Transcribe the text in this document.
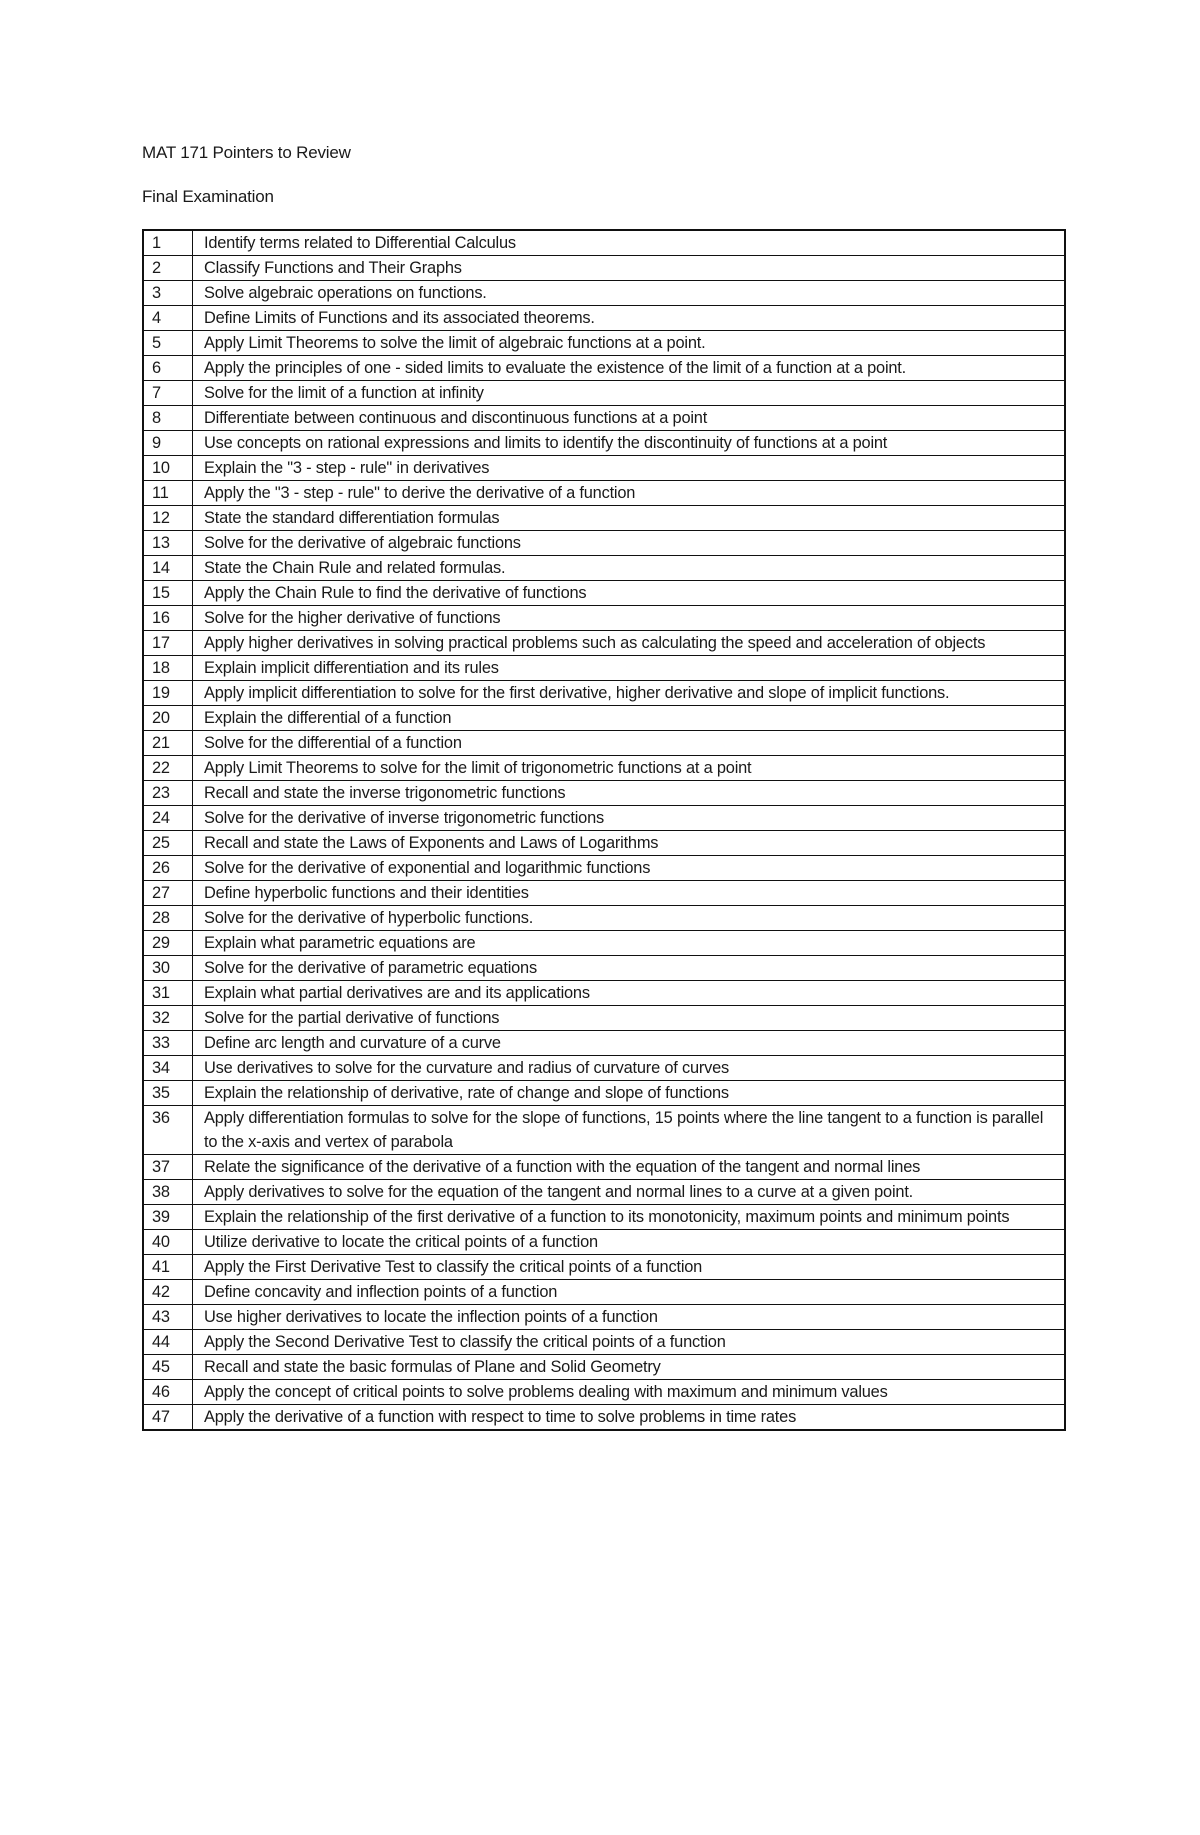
MAT 171 Pointers to Review
Final Examination
1	Identify terms related to Differential Calculus
2	Classify Functions and Their Graphs
3	Solve algebraic operations on functions.
4	Define Limits of Functions and its associated theorems.
5	Apply Limit Theorems to solve the limit of algebraic functions at a point.
6	Apply the principles of one - sided limits to evaluate the existence of the limit of a function at a point.
7	Solve for the limit of a function at infinity
8	Differentiate between continuous and discontinuous functions at a point
9	Use concepts on rational expressions and limits to identify the discontinuity of functions at a point
10	Explain the "3 - step - rule" in derivatives
11	Apply the "3 - step - rule" to derive the derivative of a function
12	State the standard differentiation formulas
13	Solve for the derivative of algebraic functions
14	State the Chain Rule and related formulas.
15	Apply the Chain Rule to find the derivative of functions
16	Solve for the higher derivative of functions
17	Apply higher derivatives in solving practical problems such as calculating the speed and acceleration of objects
18	Explain implicit differentiation and its rules
19	Apply implicit differentiation to solve for the first derivative, higher derivative and slope of implicit functions.
20	Explain the differential of a function
21	Solve for the differential of a function
22	Apply Limit Theorems to solve for the limit of trigonometric functions at a point
23	Recall and state the inverse trigonometric functions
24	Solve for the derivative of inverse trigonometric functions
25	Recall and state the Laws of Exponents and Laws of Logarithms
26	Solve for the derivative of exponential and logarithmic functions
27	Define hyperbolic functions and their identities
28	Solve for the derivative of hyperbolic functions.
29	Explain what parametric equations are
30	Solve for the derivative of parametric equations
31	Explain what partial derivatives are and its applications
32	Solve for the partial derivative of functions
33	Define arc length and curvature of a curve
34	Use derivatives to solve for the curvature and radius of curvature of curves
35	Explain the relationship of derivative, rate of change and slope of functions
36	Apply differentiation formulas to solve for the slope of functions, 15 points where the line tangent to a function is parallel to the x-axis and vertex of parabola
37	Relate the significance of the derivative of a function with the equation of the tangent and normal lines
38	Apply derivatives to solve for the equation of the tangent and normal lines to a curve at a given point.
39	Explain the relationship of the first derivative of a function to its monotonicity, maximum points and minimum points
40	Utilize derivative to locate the critical points of a function
41	Apply the First Derivative Test to classify the critical points of a function
42	Define concavity and inflection points of a function
43	Use higher derivatives to locate the inflection points of a function
44	Apply the Second Derivative Test to classify the critical points of a function
45	Recall and state the basic formulas of Plane and Solid Geometry
46	Apply the concept of critical points to solve problems dealing with maximum and minimum values
47	Apply the derivative of a function with respect to time to solve problems in time rates
